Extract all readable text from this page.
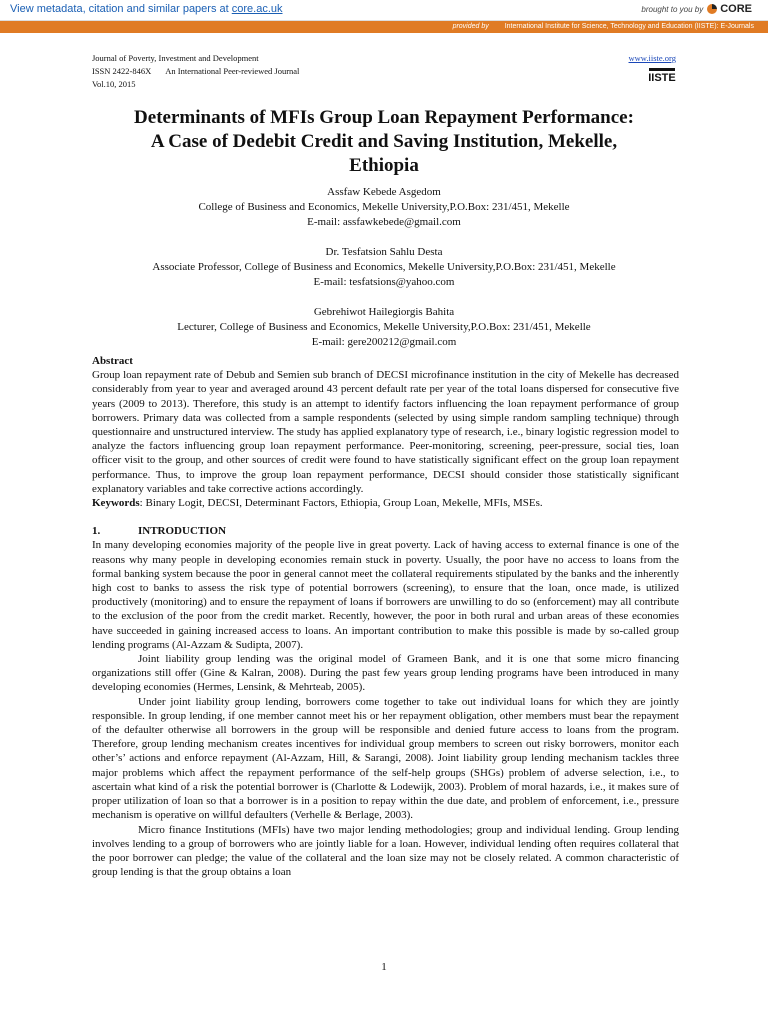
View metadata, citation and similar papers at core.ac.uk	brought to you by CORE
provided by International Institute for Science, Technology and Education (IISTE): E-Journals
Journal of Poverty, Investment and Development
ISSN 2422-846X An International Peer-reviewed Journal
Vol.10, 2015
www.iiste.org
IISTE
Determinants of MFIs Group Loan Repayment Performance:
A Case of Dedebit Credit and Saving Institution, Mekelle,
Ethiopia
Assfaw Kebede Asgedom
College of Business and Economics, Mekelle University,P.O.Box: 231/451, Mekelle
E-mail: assfawkebede@gmail.com
Dr. Tesfatsion Sahlu Desta
Associate Professor, College of Business and Economics, Mekelle University,P.O.Box: 231/451, Mekelle
E-mail: tesfatsions@yahoo.com
Gebrehiwot Hailegiorgis Bahita
Lecturer, College of Business and Economics, Mekelle University,P.O.Box: 231/451, Mekelle
E-mail: gere200212@gmail.com

Abstract

Group loan repayment rate of Debub and Semien sub branch of DECSI microfinance institution in the city of Mekelle has decreased considerably from year to year and averaged around 43 percent default rate per year of the total loans dispersed for consecutive five years (2009 to 2013). Therefore, this study is an attempt to identify factors influencing the loan repayment performance of group borrowers. Primary data was collected from a sample respondents (selected by using simple random sampling technique) through questionnaire and unstructured interview. The study has applied explanatory type of research, i.e., binary logistic regression model to analyze the factors influencing group loan repayment performance. Peer-monitoring, screening, peer-pressure, social ties, loan officer visit to the group, and other sources of credit were found to have statistically significant effect on the group loan repayment performance. Thus, to improve the group loan repayment performance, DECSI should consider those statistically significant explanatory variables and take corrective actions accordingly.

Keywords: Binary Logit, DECSI, Determinant Factors, Ethiopia, Group Loan, Mekelle, MFIs, MSEs.

1.	INTRODUCTION

In many developing economies majority of the people live in great poverty. Lack of having access to external finance is one of the reasons why many people in developing economies remain stuck in poverty. Usually, the poor have no access to loans from the formal banking system because the poor in general cannot meet the collateral requirements stipulated by the banks and the inherently high cost to banks to assess the risk type of potential borrowers (screening), to ensure that the loan, once made, is utilized productively (monitoring) and to ensure the repayment of loans if borrowers are unwilling to do so (enforcement) may all contribute to the exclusion of the poor from the credit market. Recently, however, the poor in both rural and urban areas of these economies have succeeded in gaining increased access to loans. An important contribution to make this possible is made by so-called group lending programs (Al-Azzam & Sudipta, 2007).

Joint liability group lending was the original model of Grameen Bank, and it is one that some micro financing organizations still offer (Gine & Kalran, 2008). During the past few years group lending programs have been introduced in many developing economies (Hermes, Lensink, & Mehrteab, 2005).

Under joint liability group lending, borrowers come together to take out individual loans for which they are jointly responsible. In group lending, if one member cannot meet his or her repayment obligation, other members must bear the repayment of the defaulter otherwise all borrowers in the group will be responsible and denied future access to loans from the program. Therefore, group lending mechanism creates incentives for individual group members to screen out risky borrowers, monitor each other’s’ actions and enforce repayment (Al-Azzam, Hill, & Sarangi, 2008). Joint liability group lending mechanism tackles three major problems which affect the repayment performance of the self-help groups (SHGs) problem of adverse selection, i.e., to ascertain what kind of a risk the potential borrower is (Charlotte & Lodewijk, 2003). Problem of moral hazards, i.e., it makes sure of proper utilization of loan so that a borrower is in a position to repay within the due date, and problem of enforcement, i.e., pressure mechanism is operative on willful defaulters (Verhelle & Berlage, 2003).

Micro finance Institutions (MFIs) have two major lending methodologies; group and individual lending. Group lending involves lending to a group of borrowers who are jointly liable for a loan. However, individual lending often requires collateral that the poor borrower can pledge; the value of the collateral and the loan size may not be closely related. A common characteristic of group lending is that the group obtains a loan

1
